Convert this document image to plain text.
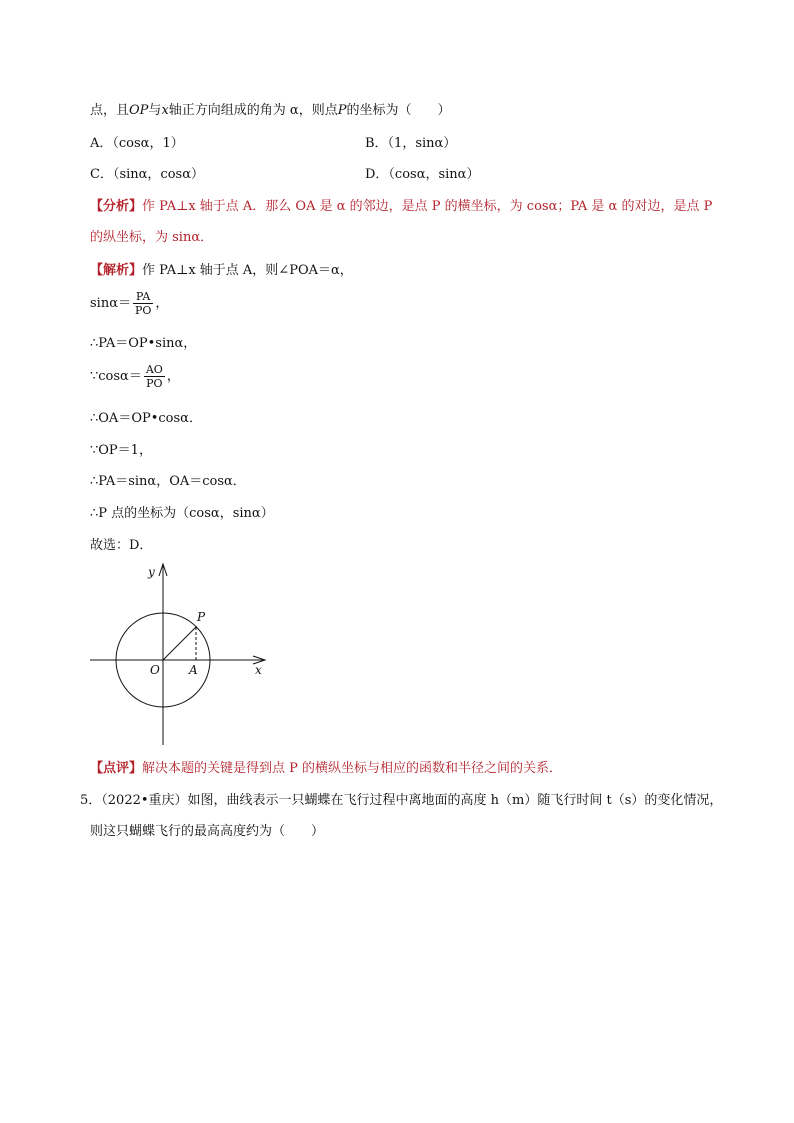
点，且OP与x轴正方向组成的角为 α，则点P的坐标为（　　）
A．（cosα，1）	B．（1，sinα）
C．（sinα，cosα）	D．（cosα，sinα）
【分析】作 PA⊥x 轴于点 A．那么 OA 是 α 的邻边，是点 P 的横坐标，为 cosα；PA 是 α 的对边，是点 P
的纵坐标，为 sinα．
【解析】作 PA⊥x 轴于点 A，则∠POA＝α，
$\sin\alpha= \frac{PA}{PO}$ ，
∴PA＝OP•sinα，
∵cosα＝ $\frac{AO}{PO}$ ，
∴OA＝OP•cosα．
∵OP＝1，
∴PA＝sinα，OA＝cosα．
∴P 点的坐标为（cosα，sinα）
故选：D．
y
x
O A
P
【点评】解决本题的关键是得到点 P 的横纵坐标与相应的函数和半径之间的关系．
5．（2022•重庆）如图，曲线表示一只蝴蝶在飞行过程中离地面的高度 h（m）随飞行时间 t（s）的变化情况，
则这只蝴蝶飞行的最高高度约为（　　）
